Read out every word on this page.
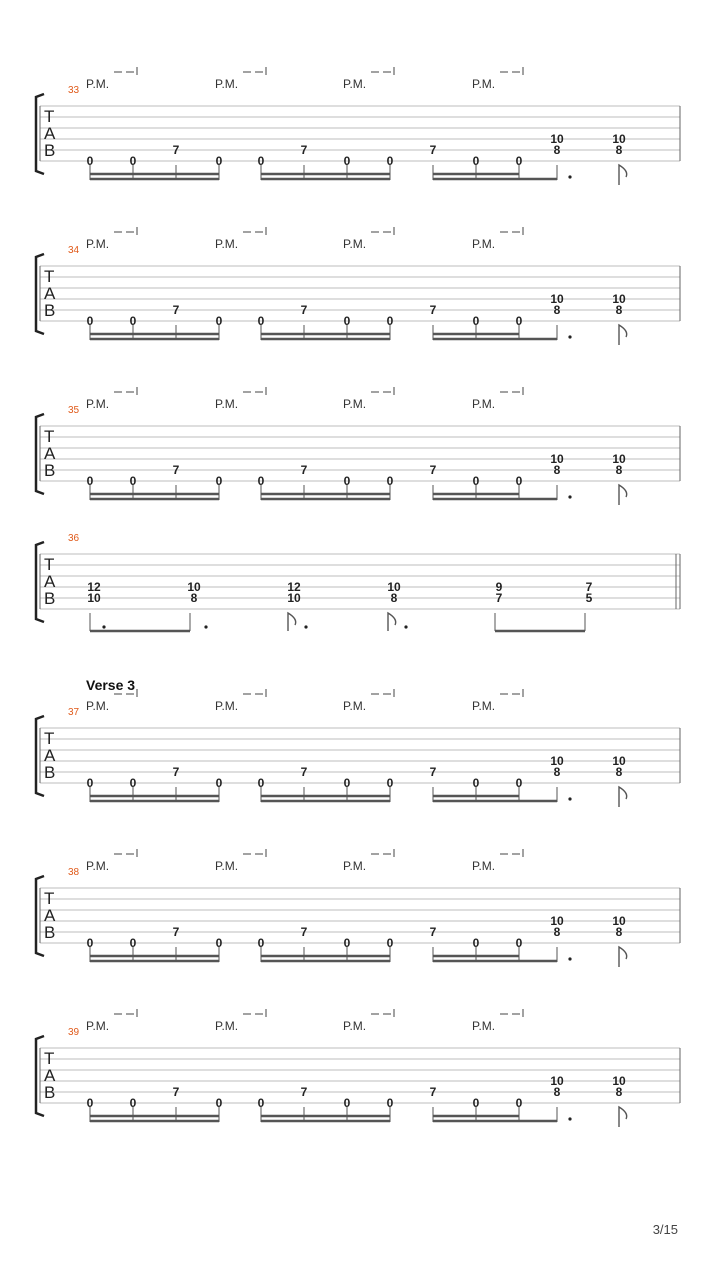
P.M.	P.M.	P.M.	P.M.
33
T
A
B
0	0
7
0	0
7
0	0
7
0	0
10
8
10
8
P.M.	P.M.	P.M.	P.M.
34
T
A
B
0	0
7
0	0
7
0	0
7
0	0
10
8
10
8
P.M.	P.M.	P.M.	P.M.
35
T
A
B
0	0
7
0	0
7
0	0
7
0	0
10
8
10
8
36
T
A
B
12
10
10
8
12
10
10
8
9
7
7
5
Verse 3
P.M.	P.M.	P.M.	P.M.
37
T
A
B
0	0
7
0	0
7
0	0
7
0	0
10
8
10
8
P.M.	P.M.	P.M.	P.M.
38
T
A
B
0	0
7
0	0
7
0	0
7
0	0
10
8
10
8
P.M.	P.M.	P.M.	P.M.
39
T
A
B
0	0
7
0	0
7
0	0
7
0	0
10
8
10
8
3/15
